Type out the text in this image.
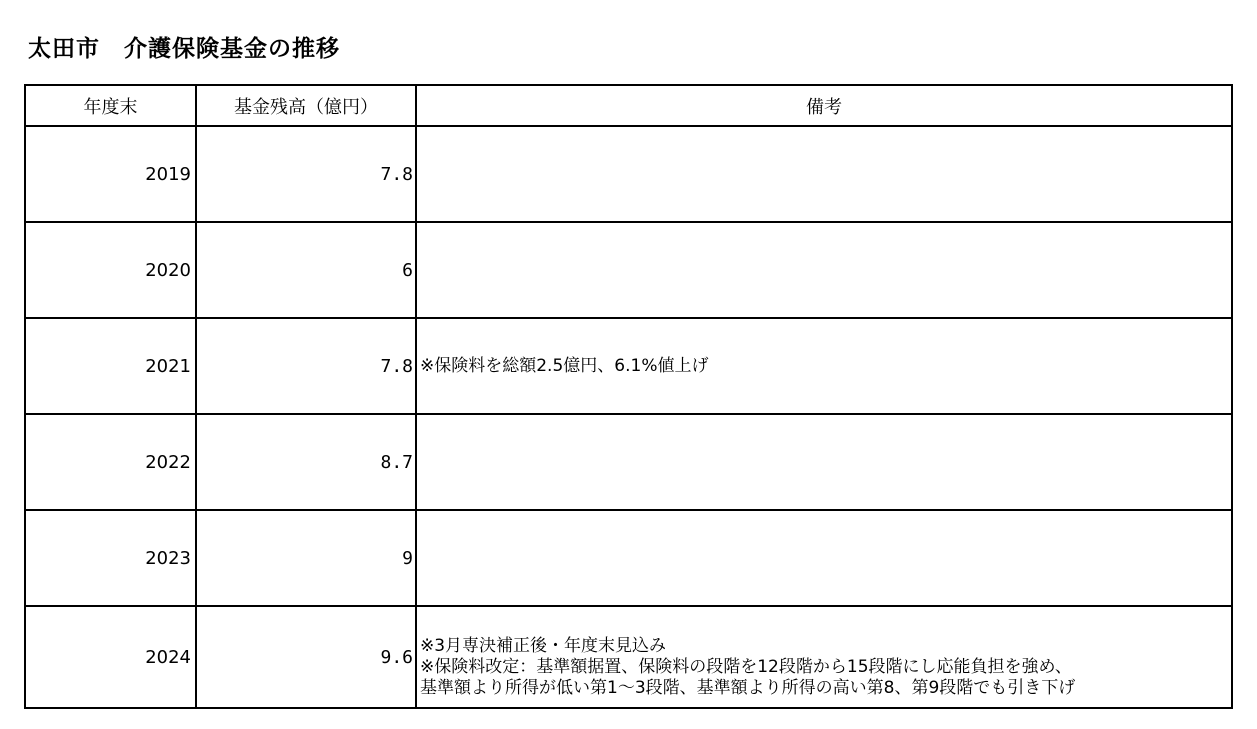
太田市　介護保険基金の推移
年度末	基金残高（億円）	備考
2019	7.8	
2020	6	
2021	7.8	※保険料を総額2.5億円、6.1%値上げ
2022	8.7	
2023	9	
2024	9.6	※3月専決補正後・年度末見込み
※保険料改定：基準額据置、保険料の段階を12段階から15段階にし応能負担を強め、
基準額より所得が低い第1～3段階、基準額より所得の高い第8、第9段階でも引き下げ
